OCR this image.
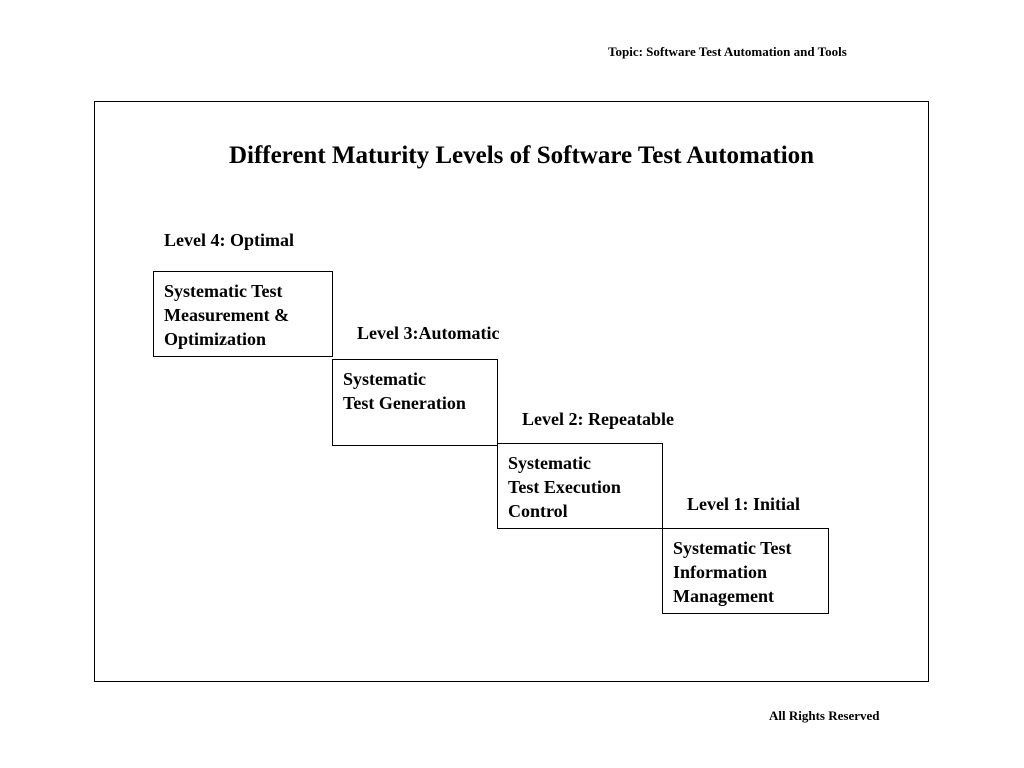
Topic: Software Test Automation and Tools
Different Maturity Levels of Software Test Automation
Level 4: Optimal
Systematic Test
Measurement &
Optimization	Level 3:Automatic
Systematic
Test Generation
Level 2: Repeatable
Systematic
Test Execution
Control	Level 1: Initial
Systematic Test
Information
Management
All Rights Reserved
